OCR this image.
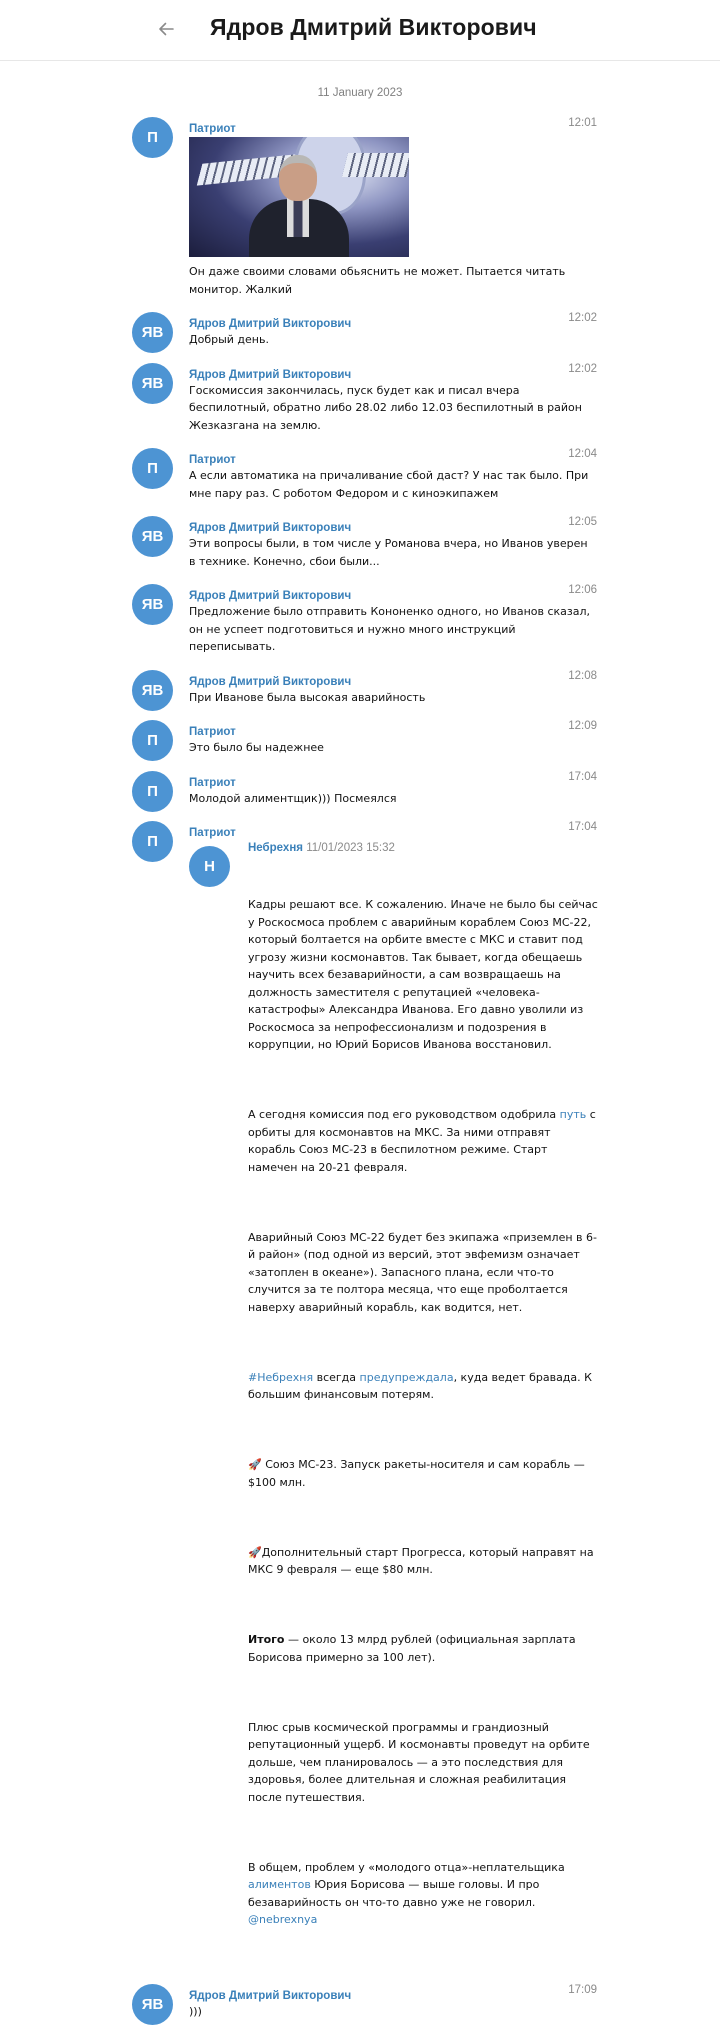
Ядров Дмитрий Викторович
11 January 2023
П	Патриот	12:01
Он даже своими словами обьяснить не может. Пытается читать монитор. Жалкий
ЯВ	Ядров Дмитрий Викторович	12:02
Добрый день.
ЯВ	Ядров Дмитрий Викторович	12:02
Госкомиссия закончилась, пуск будет как и писал вчера беспилотный, обратно либо 28.02 либо 12.03 беспилотный в район Жезказгана на землю.
П	Патриот	12:04
А если автоматика на причаливание сбой даст? У нас так было. При мне пару раз. С роботом Федором и с киноэкипажем
ЯВ	Ядров Дмитрий Викторович	12:05
Эти вопросы были, в том числе у Романова вчера, но Иванов уверен в технике. Конечно, сбои были...
ЯВ	Ядров Дмитрий Викторович	12:06
Предложение было отправить Кононенко одного, но Иванов сказал, он не успеет подготовиться и нужно много инструкций переписывать.
ЯВ	Ядров Дмитрий Викторович	12:08
При Иванове была высокая аварийность
П	Патриот	12:09
Это было бы надежнее
П	Патриот	17:04
Молодой алиментщик))) Посмеялся
П	Патриот	17:04
Н
Небрехня 11/01/2023 15:32

Кадры решают все. К сожалению. Иначе не было бы сейчас у Роскосмоса проблем с аварийным кораблем Союз МС-22, который болтается на орбите вместе с МКС и ставит под угрозу жизни космонавтов. Так бывает, когда обещаешь научить всех безаварийности, а сам возвращаешь на должность заместителя с репутацией «человека-катастрофы» Александра Иванова. Его давно уволили из Роскосмоса за непрофессионализм и подозрения в коррупции, но Юрий Борисов Иванова восстановил.

А сегодня комиссия под его руководством одобрила путь с орбиты для космонавтов на МКС. За ними отправят корабль Союз МС-23 в беспилотном режиме. Старт намечен на 20-21 февраля.

Аварийный Союз МС-22 будет без экипажа «приземлен в 6-й район» (под одной из версий, этот эвфемизм означает «затоплен в океане»). Запасного плана, если что-то случится за те полтора месяца, что еще проболтается наверху аварийный корабль, как водится, нет.

#Небрехня всегда предупреждала, куда ведет бравада. К большим финансовым потерям.

🚀 Союз МС-23. Запуск ракеты-носителя и сам корабль — $100 млн.

🚀Дополнительный старт Прогресса, который направят на МКС 9 февраля — еще $80 млн.

Итого — около 13 млрд рублей (официальная зарплата Борисова примерно за 100 лет).

Плюс срыв космической программы и грандиозный репутационный ущерб. И космонавты проведут на орбите дольше, чем планировалось — а это последствия для здоровья, более длительная и сложная реабилитация после путешествия.

В общем, проблем у «молодого отца»-неплательщика алиментов Юрия Борисова — выше головы. И про безаварийность он что-то давно уже не говорил.
@nebrexnya

ЯВ	Ядров Дмитрий Викторович	17:09
)))
